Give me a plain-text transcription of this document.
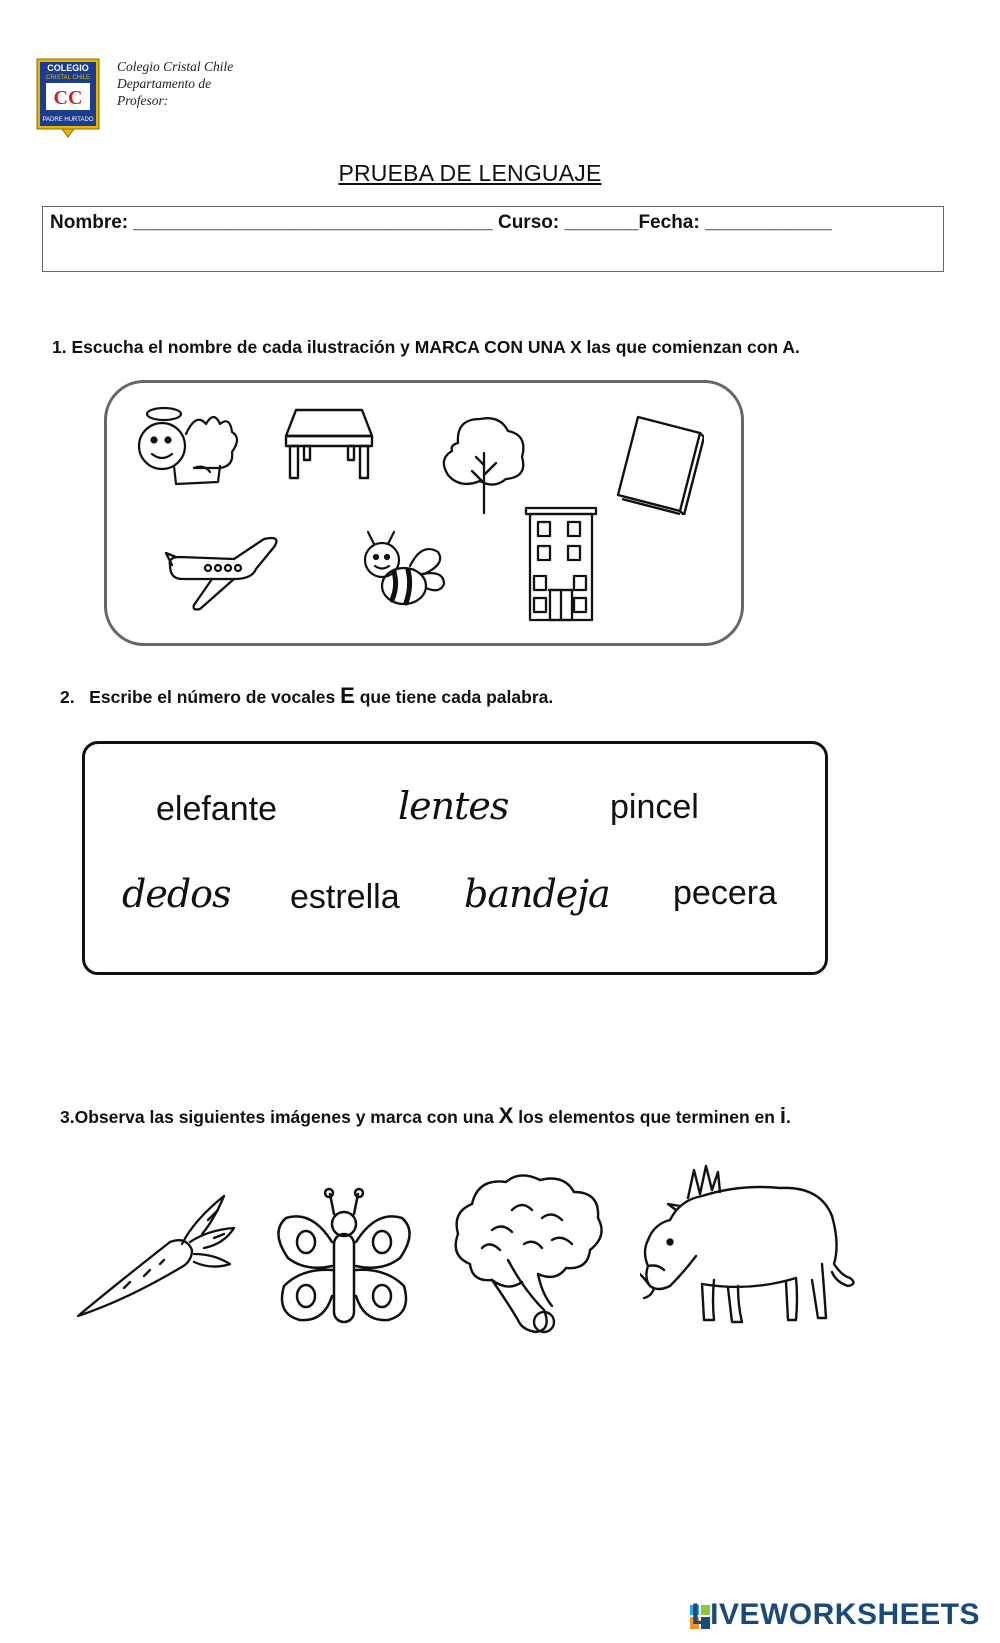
COLEGIO
CRISTAL CHILE
CC
PADRE HURTADO
Colegio Cristal Chile
Departamento de
Profesor:
PRUEBA DE LENGUAJE
Nombre: __________________________________ Curso: _______Fecha: ____________
1. Escucha el nombre de cada ilustración y MARCA CON UNA X las que comienzan con A.
2.   Escribe el número de vocales E que tiene cada palabra.
elefante	lentes	pincel
dedos estrella bandeja pecera
3.Observa las siguientes imágenes y marca con una X los elementos que terminen en i.
LIVEWORKSHEETS
